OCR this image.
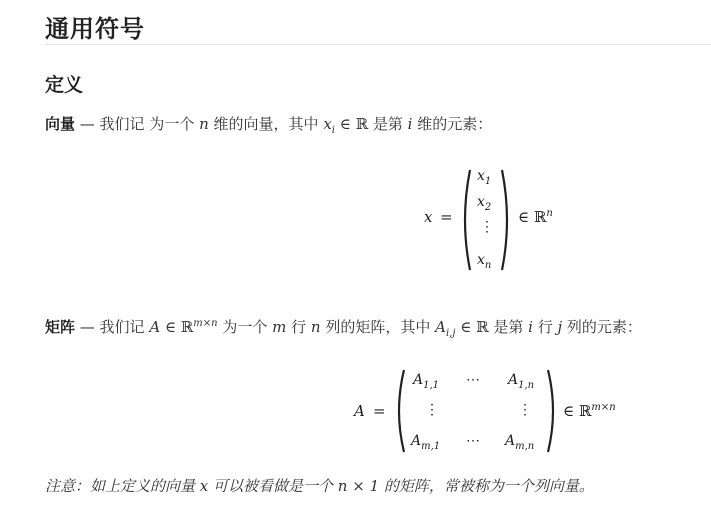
通用符号
定义
向量 — 我们记 为一个 n 维的向量，其中 $x_i$ ∈ ℝ 是第 i 维的元素：
x =
$x_1$
$x_2$
⋮
$x_n$
∈ ℝ$^n$
矩阵 — 我们记 A ∈ ℝ$^{m\times n}$ 为一个 m 行 n 列的矩阵，其中 $A_{i,j}$ ∈ ℝ 是第 i 行 j 列的元素：
A =
$A_{1,1}$ ⋯ $A_{1,n}$
⋮	⋮
$A_{m,1}$ ⋯ $A_{m,n}$
∈ ℝ$^{m\times n}$
注意：如上定义的向量 x 可以被看做是一个 n × 1 的矩阵，常被称为一个列向量。
